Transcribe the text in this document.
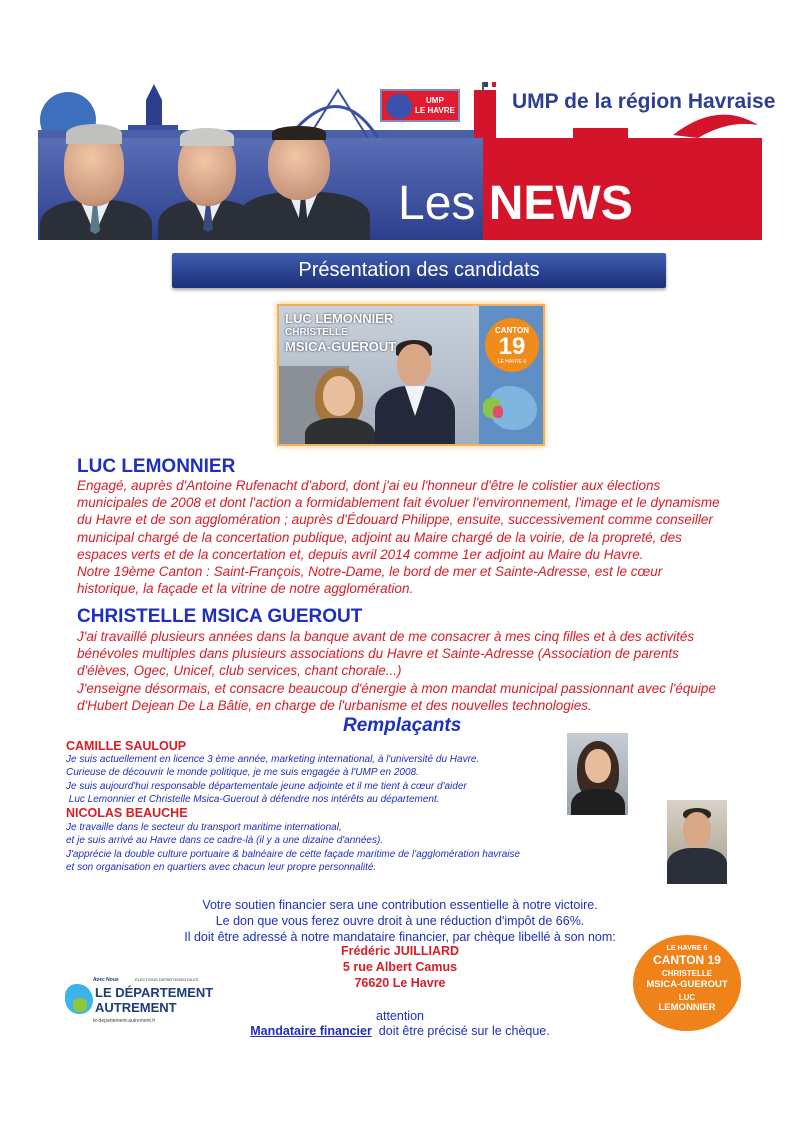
UMP
LE HAVRE	UMP de la région Havraise
Les NEWS
Présentation des candidats
LUC LEMONNIER
CHRISTELLE
MSICA-GUEROUT
CANTON
19
LE HAVRE 6
LUC LEMONNIER
Engagé, auprès d'Antoine Rufenacht d'abord, dont j'ai eu l'honneur d'être le colistier aux élections
municipales de 2008 et dont l'action a formidablement fait évoluer l'environnement, l'image et le dynamisme
du Havre et de son agglomération ; auprès d'Édouard Philippe, ensuite, successivement comme conseiller
municipal chargé de la concertation publique, adjoint au Maire chargé de la voirie, de la propreté, des
espaces verts et de la concertation et, depuis avril 2014 comme 1er adjoint au Maire du Havre.
Notre 19ème Canton : Saint-François, Notre-Dame, le bord de mer et Sainte-Adresse, est le cœur
historique, la façade et la vitrine de notre agglomération.
CHRISTELLE MSICA GUEROUT
J'ai travaillé plusieurs années dans la banque avant de me consacrer à mes cinq filles et à des activités
bénévoles multiples dans plusieurs associations du Havre et Sainte-Adresse (Association de parents
d'élèves, Ogec, Unicef, club services, chant chorale...)
J'enseigne désormais, et consacre beaucoup d'énergie à mon mandat municipal passionnant avec l'équipe
d'Hubert Dejean De La Bâtie, en charge de l'urbanisme et des nouvelles technologies.
Remplaçants
CAMILLE SAULOUP
Je suis actuellement en licence 3 ème année, marketing international, à l'université du Havre.
Curieuse de découvrir le monde politique, je me suis engagée à l'UMP en 2008.
Je suis aujourd'hui responsable départementale jeune adjointe et il me tient à cœur d'aider
Luc Lemonnier et Christelle Msica-Guerout à défendre nos intérêts au département.
NICOLAS BEAUCHE
Je travaille dans le secteur du transport maritime international,
et je suis arrivé au Havre dans ce cadre-là (il y a une dizaine d'années).
J'apprécie la double culture portuaire & balnéaire de cette façade maritime de l'agglomération havraise
et son organisation en quartiers avec chacun leur propre personnalité.
Votre soutien financier sera une contribution essentielle à notre victoire.
Le don que vous ferez ouvre droit à une réduction d'impôt de 66%.
Il doit être adressé à notre mandataire financier, par chèque libellé à son nom:
Frédéric JUILLIARD
5 rue Albert Camus
76620 Le Havre
attention
Mandataire financier  doit être précisé sur le chèque.
Avec Nous	ÉLECTIONS DÉPARTEMENTALES
LE DÉPARTEMENT
AUTREMENT
le-departement-autrement.fr
LE HAVRE 6
CANTON 19
CHRISTELLE
MSICA-GUEROUT
LUC
LEMONNIER
